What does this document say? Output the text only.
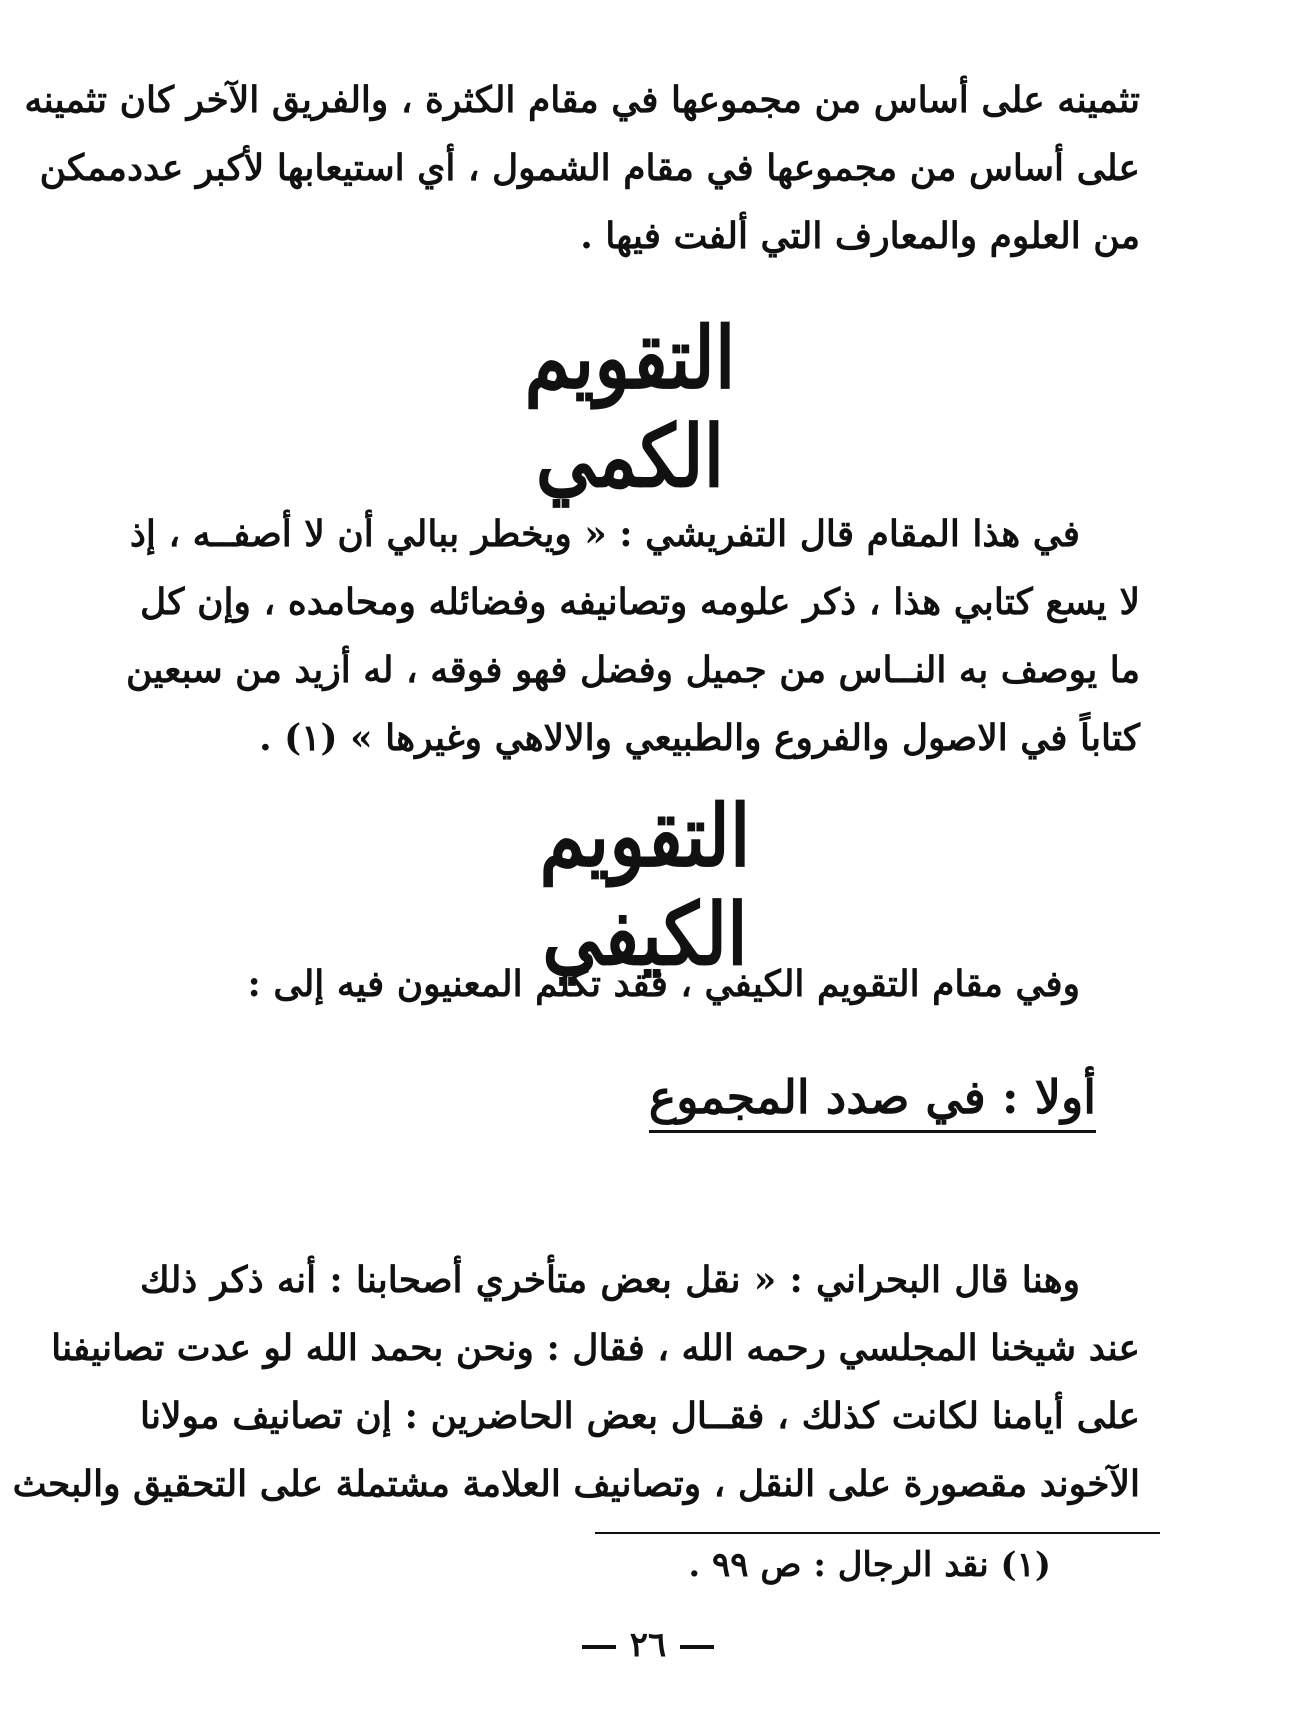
تثمينه على أساس من مجموعها في مقام الكثرة ، والفريق الآخر كان تثمينه
على أساس من مجموعها في مقام الشمول ، أي استيعابها لأكبر عددممكن
من العلوم والمعارف التي ألفت فيها .
التقويم الكمي
في هذا المقام قال التفريشي : « ويخطر ببالي أن لا أصفــه ، إذ
لا يسع كتابي هذا ، ذكر علومه وتصانيفه وفضائله ومحامده ، وإن كل
ما يوصف به النــاس من جميل وفضل فهو فوقه ، له أزيد من سبعين
كتاباً في الاصول والفروع والطبيعي والالاهي وغيرها » (١) .
التقويم الكيفي
وفي مقام التقويم الكيفي ، فقد تكلم المعنيون فيه إلى :
أولا : في صدد المجموع
وهنا قال البحراني : « نقل بعض متأخري أصحابنا : أنه ذكر ذلك
عند شيخنا المجلسي رحمه الله ، فقال : ونحن بحمد الله لو عدت تصانيفنا
على أيامنا لكانت كذلك ، فقــال بعض الحاضرين : إن تصانيف مولانا
الآخوند مقصورة على النقل ، وتصانيف العلامة مشتملة على التحقيق والبحث
(١) نقد الرجال : ص ٩٩ .
٢٦
